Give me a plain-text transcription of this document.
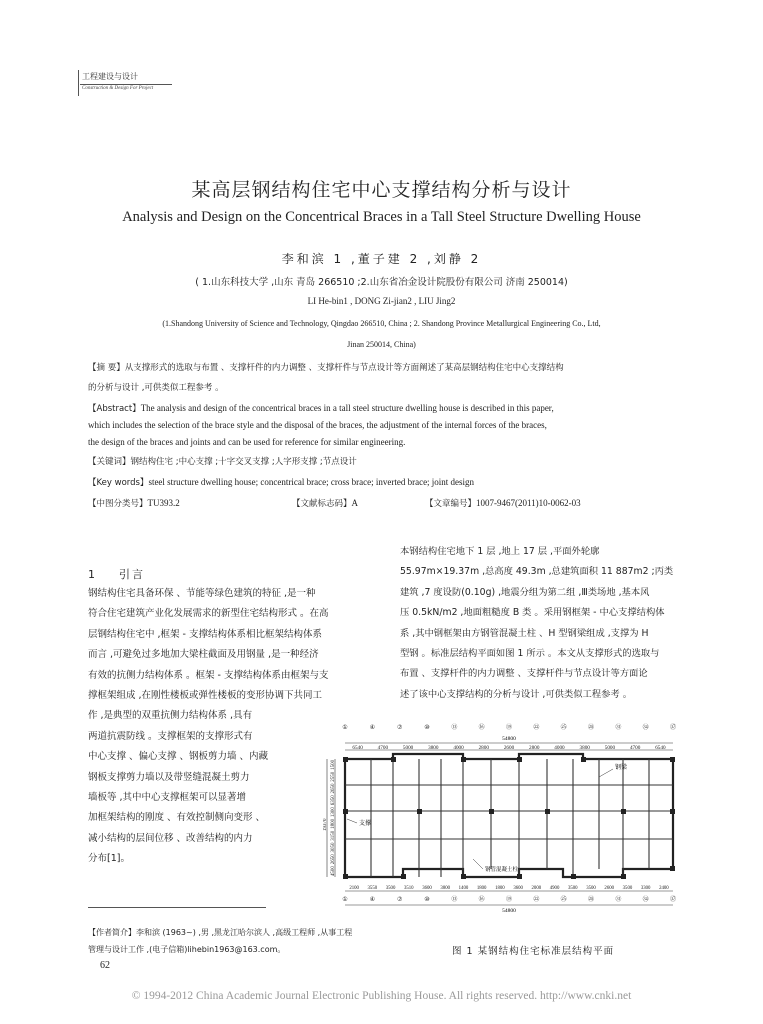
工程建设与设计
Construction & Design For Project
某高层钢结构住宅中心支撑结构分析与设计
Analysis and Design on the Concentrical Braces in a Tall Steel Structure Dwelling House
李和滨 1 ,董子建 2 ,刘静 2
( 1.山东科技大学 ,山东 青岛 266510 ;2.山东省冶金设计院股份有限公司 济南 250014)
LI He-bin1 , DONG Zi-jian2 , LIU Jing2
(1.Shandong University of Science and Technology, Qingdao 266510, China ; 2. Shandong Province Metallurgical Engineering Co., Ltd,
Jinan 250014, China)
【摘 要】从支撑形式的选取与布置 、支撑杆件的内力调整 、支撑杆件与节点设计等方面阐述了某高层钢结构住宅中心支撑结构
的分析与设计 ,可供类似工程参考 。
【Abstract】The analysis and design of the concentrical braces in a tall steel structure dwelling house is described in this paper,
which includes the selection of the brace style and the disposal of the braces, the adjustment of the internal forces of the braces,
the design of the braces and joints and can be used for reference for similar engineering.
【关键词】钢结构住宅 ;中心支撑 ;十字交叉支撑 ;人字形支撑 ;节点设计
【Key words】steel structure dwelling house; concentrical brace; cross brace; inverted brace; joint design
【中图分类号】TU393.2	【文献标志码】A	【文章编号】1007-9467(2011)10-0062-03
1 引言
钢结构住宅具备环保 、节能等绿色建筑的特征 ,是一种
符合住宅建筑产业化发展需求的新型住宅结构形式 。在高
层钢结构住宅中 ,框架 - 支撑结构体系相比框架结构体系
而言 ,可避免过多地加大梁柱截面及用钢量 ,是一种经济
有效的抗侧力结构体系 。框架 - 支撑结构体系由框架与支
撑框架组成 ,在刚性楼板或弹性楼板的变形协调下共同工
作 ,是典型的双重抗侧力结构体系 ,具有
两道抗震防线 。支撑框架的支撑形式有
中心支撑 、偏心支撑 、钢板剪力墙 、内藏
钢板支撑剪力墙以及带竖缝混凝土剪力
墙板等 ,其中中心支撑框架可以显著增
加框架结构的刚度 、有效控制侧向变形 、
减小结构的层间位移 、改善结构的内力
分布[1]。
本钢结构住宅地下 1 层 ,地上 17 层 ,平面外轮廓
55.97m×19.37m ,总高度 49.3m ,总建筑面积 11 887m2 ;丙类
建筑 ,7 度设防(0.10g) ,地震分组为第二组 ,Ⅲ类场地 ,基本风
压 0.5kN/m2 ,地面粗糙度 B 类 。采用钢框架 - 中心支撑结构体
系 ,其中钢框架由方钢管混凝土柱 、H 型钢梁组成 ,支撑为 H
型钢 。标准层结构平面如图 1 所示 。本文从支撑形式的选取与
布置 、支撑杆件的内力调整 、支撑杆件与节点设计等方面论
述了该中心支撑结构的分析与设计 ,可供类似工程参考 。
①	④	⑦	⑩	⑬	⑯	⑲	㉒	㉕	㉘	㉛	㉞	㊲
54800
6540	4700	5000	3800	4000	2800	2600	2800	4000	3800	5000	4700	6540
钢梁
支撑
钢管混凝土柱
1500
2550
2650
6350
1300
1800
3150
3050
2650
4500
19370
2100 3550 3500 3510 3600 3800 1400 1800 1800 3600 2000 4900 3500 3500 2600 3500 3300 2400
①	④	⑦	⑩	⑬	⑯	⑲	㉒	㉕	㉘	㉛	㉞	㊲
54800
【作者简介】李和滨 (1963~) ,男 ,黑龙江哈尔滨人 ,高级工程师 ,从事工程
管理与设计工作 ,(电子信箱)lihebin1963@163.com。
62
图 1 某钢结构住宅标准层结构平面
© 1994-2012 China Academic Journal Electronic Publishing House. All rights reserved. http://www.cnki.net
